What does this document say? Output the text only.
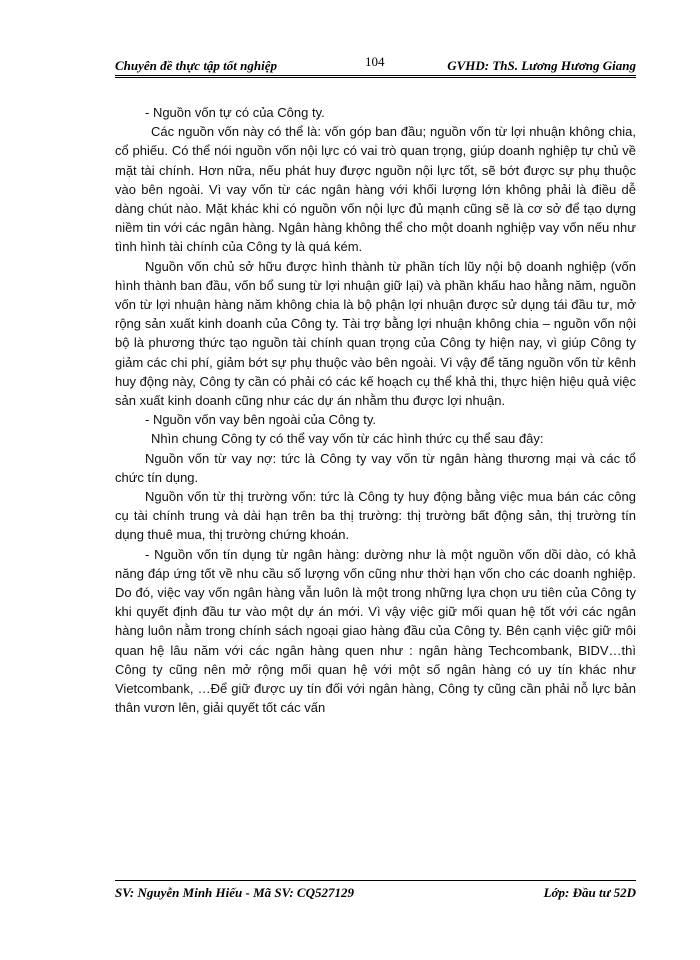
Chuyên đề thực tập tốt nghiệp	104	GVHD: ThS. Lương Hương Giang

- Nguồn vốn tự có của Công ty.

Các nguồn vốn này có thể là: vốn góp ban đầu; nguồn vốn từ lợi nhuận không chia, cổ phiếu. Có thể nói nguồn vốn nội lực có vai trò quan trọng, giúp doanh nghiệp tự chủ về mặt tài chính. Hơn nữa, nếu phát huy được nguồn nội lực tốt, sẽ bớt được sự phụ thuộc vào bên ngoài. Vì vay vốn từ các ngân hàng với khối lượng lớn không phải là điều dễ dàng chút nào. Mặt khác khi có nguồn vốn nội lực đủ mạnh cũng sẽ là cơ sở để tạo dựng niềm tin với các ngân hàng. Ngân hàng không thể cho một doanh nghiệp vay vốn nếu như tình hình tài chính của Công ty là quá kém.

Nguồn vốn chủ sở hữu được hình thành từ phần tích lũy nội bộ doanh nghiệp (vốn hình thành ban đầu, vốn bổ sung từ lợi nhuận giữ lại) và phần khấu hao hằng năm, nguồn vốn từ lợi nhuận hàng năm không chia là bộ phận lợi nhuận được sử dụng tái đầu tư, mở rộng sản xuất kinh doanh của Công ty. Tài trợ bằng lợi nhuận không chia – nguồn vốn nội bộ là phương thức tạo nguồn tài chính quan trọng của Công ty hiện nay, vì giúp Công ty giảm các chi phí, giảm bớt sự phụ thuộc vào bên ngoài. Vì vậy để tăng nguồn vốn từ kênh huy động này, Công ty cần có phải có các kế hoạch cụ thể khả thi, thực hiện hiệu quả việc sản xuất kinh doanh cũng như các dự án nhằm thu được lợi nhuận.

- Nguồn vốn vay bên ngoài của Công ty.

Nhìn chung Công ty có thể vay vốn từ các hình thức cụ thể sau đây:

Nguồn vốn từ vay nợ: tức là Công ty vay vốn từ ngân hàng thương mại và các tổ chức tín dụng.

Nguồn vốn từ thị trường vốn: tức là Công ty huy động bằng việc mua bán các công cụ tài chính trung và dài hạn trên ba thị trường: thị trường bất động sản, thị trường tín dụng thuê mua, thị trường chứng khoán.

- Nguồn vốn tín dụng từ ngân hàng: dường như là một nguồn vốn dồi dào, có khả năng đáp ứng tốt về nhu cầu số lượng vốn cũng như thời hạn vốn cho các doanh nghiệp. Do đó, việc vay vốn ngân hàng vẫn luôn là một trong những lựa chọn ưu tiên của Công ty khi quyết định đầu tư vào một dự án mới. Vì vậy việc giữ mối quan hệ tốt với các ngân hàng luôn nằm trong chính sách ngoại giao hàng đầu của Công ty. Bên cạnh việc giữ môi quan hệ lâu năm với các ngân hàng quen như : ngân hàng Techcombank, BIDV…thì Công ty cũng nên mở rộng mối quan hệ với một số ngân hàng có uy tín khác như Vietcombank, …Để giữ được uy tín đối với ngân hàng, Công ty cũng cần phải nỗ lực bản thân vươn lên, giải quyết tốt các vấn

SV: Nguyễn Minh Hiếu - Mã SV: CQ527129	Lớp: Đầu tư 52D
